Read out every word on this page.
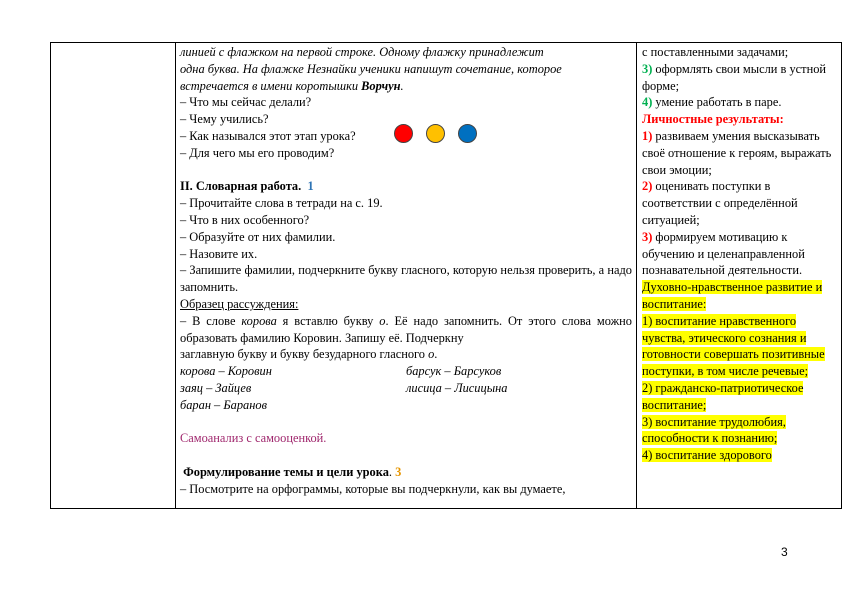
линией с флажком на первой строке. Одному флажку принадлежит
одна буква. На флажке Незнайки ученики напишут сочетание, которое
встречается в имени коротышки Ворчун.
– Что мы сейчас делали?
– Чему учились?
– Как назывался этот этап урока?
– Для чего мы его проводим?
II. Словарная работа. 1
– Прочитайте слова в тетради на с. 19.
– Что в них особенного?
– Образуйте от них фамилии.
– Назовите их.
– Запишите фамилии, подчеркните букву гласного, которую нельзя проверить, а надо запомнить.
Образец рассуждения:
– В слове корова я вставлю букву о. Её надо запомнить. От этого слова можно образовать фамилию Коровин. Запишу её. Подчеркну
заглавную букву и букву безударного гласного о.
корова – Коровин	барсук – Барсуков
заяц – Зайцев	лисица – Лисицына
баран – Баранов
Самоанализ с самооценкой.
Формулирование темы и цели урока. 3
– Посмотрите на орфограммы, которые вы подчеркнули, как вы думаете,

с поставленными задачами;
3) оформлять свои мысли в устной форме;
4) умение работать в паре.
Личностные результаты:
1) развиваем умения высказывать своё отношение к героям, выражать свои эмоции;
2) оценивать поступки в соответствии с определённой ситуацией;
3) формируем мотивацию к обучению и целенаправленной познавательной деятельности.
Духовно-нравственное развитие и воспитание:
1) воспитание нравственного чувства, этического сознания и готовности совершать позитивные поступки, в том числе речевые;
2) гражданско-патриотическое воспитание;
3) воспитание трудолюбия, способности к познанию;
4) воспитание здорового
3
